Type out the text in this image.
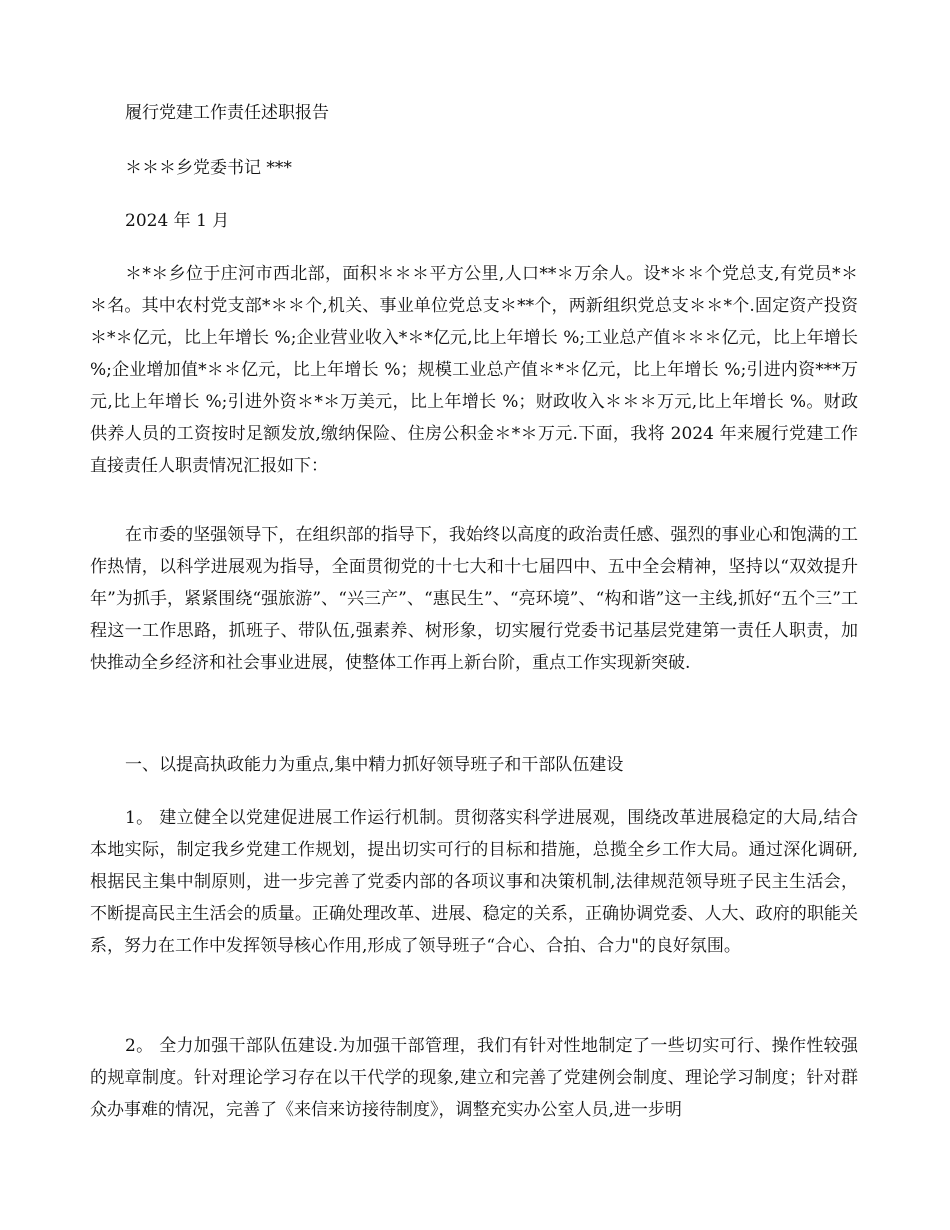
履行党建工作责任述职报告

＊＊＊乡党委书记 ***

2024 年 1 月

＊*＊乡位于庄河市西北部，面积＊＊＊平方公里,人口**＊万余人。设*＊＊个党总支,有党员*＊＊名。其中农村党支部*＊＊个,机关、事业单位党总支＊**个，两新组织党总支＊＊*个.固定资产投资＊*＊亿元，比上年增长 %;企业营业收入*＊*亿元,比上年增长 %;工业总产值＊＊＊亿元，比上年增长 %;企业增加值*＊＊亿元，比上年增长 %；规模工业总产值＊*＊亿元，比上年增长 %;引进内资***万元,比上年增长 %;引进外资＊*＊万美元，比上年增长 %；财政收入＊＊＊万元,比上年增长 %。财政供养人员的工资按时足额发放,缴纳保险、住房公积金＊*＊万元.下面，我将 2024 年来履行党建工作直接责任人职责情况汇报如下：

在市委的坚强领导下，在组织部的指导下，我始终以高度的政治责任感、强烈的事业心和饱满的工作热情，以科学进展观为指导，全面贯彻党的十七大和十七届四中、五中全会精神，坚持以“双效提升年”为抓手，紧紧围绕“强旅游”、“兴三产”、“惠民生”、“亮环境”、“构和谐”这一主线,抓好“五个三”工程这一工作思路，抓班子、带队伍,强素养、树形象，切实履行党委书记基层党建第一责任人职责，加快推动全乡经济和社会事业进展，使整体工作再上新台阶，重点工作实现新突破.

一、以提高执政能力为重点,集中精力抓好领导班子和干部队伍建设

1。 建立健全以党建促进展工作运行机制。贯彻落实科学进展观，围绕改革进展稳定的大局,结合本地实际，制定我乡党建工作规划，提出切实可行的目标和措施，总揽全乡工作大局。通过深化调研,根据民主集中制原则，进一步完善了党委内部的各项议事和决策机制,法律规范领导班子民主生活会，不断提高民主生活会的质量。正确处理改革、进展、稳定的关系，正确协调党委、人大、政府的职能关系，努力在工作中发挥领导核心作用,形成了领导班子“合心、合拍、合力"的良好氛围。

2。 全力加强干部队伍建设.为加强干部管理，我们有针对性地制定了一些切实可行、操作性较强的规章制度。针对理论学习存在以干代学的现象,建立和完善了党建例会制度、理论学习制度；针对群众办事难的情况，完善了《来信来访接待制度》，调整充实办公室人员,进一步明
